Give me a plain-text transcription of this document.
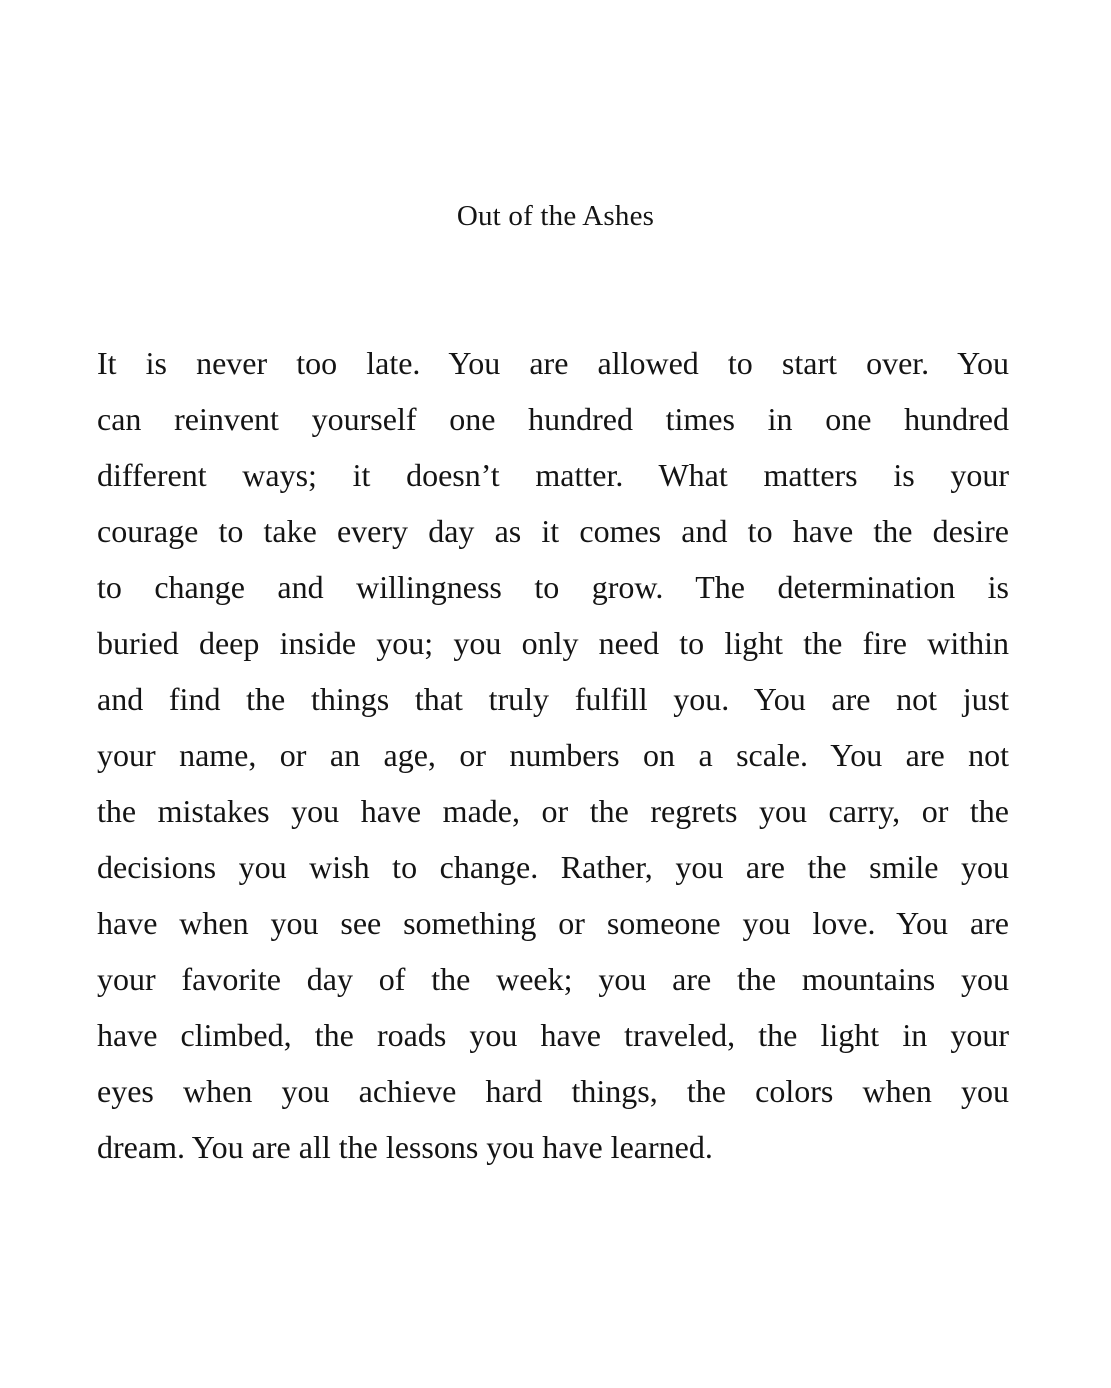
Out of the Ashes
It is never too late. You are allowed to start over. You
can reinvent yourself one hundred times in one hundred
different ways; it doesn’t matter. What matters is your
courage to take every day as it comes and to have the desire
to change and willingness to grow. The determination is
buried deep inside you; you only need to light the fire within
and find the things that truly fulfill you. You are not just
your name, or an age, or numbers on a scale. You are not
the mistakes you have made, or the regrets you carry, or the
decisions you wish to change. Rather, you are the smile you
have when you see something or someone you love. You are
your favorite day of the week; you are the mountains you
have climbed, the roads you have traveled, the light in your
eyes when you achieve hard things, the colors when you
dream. You are all the lessons you have learned.
